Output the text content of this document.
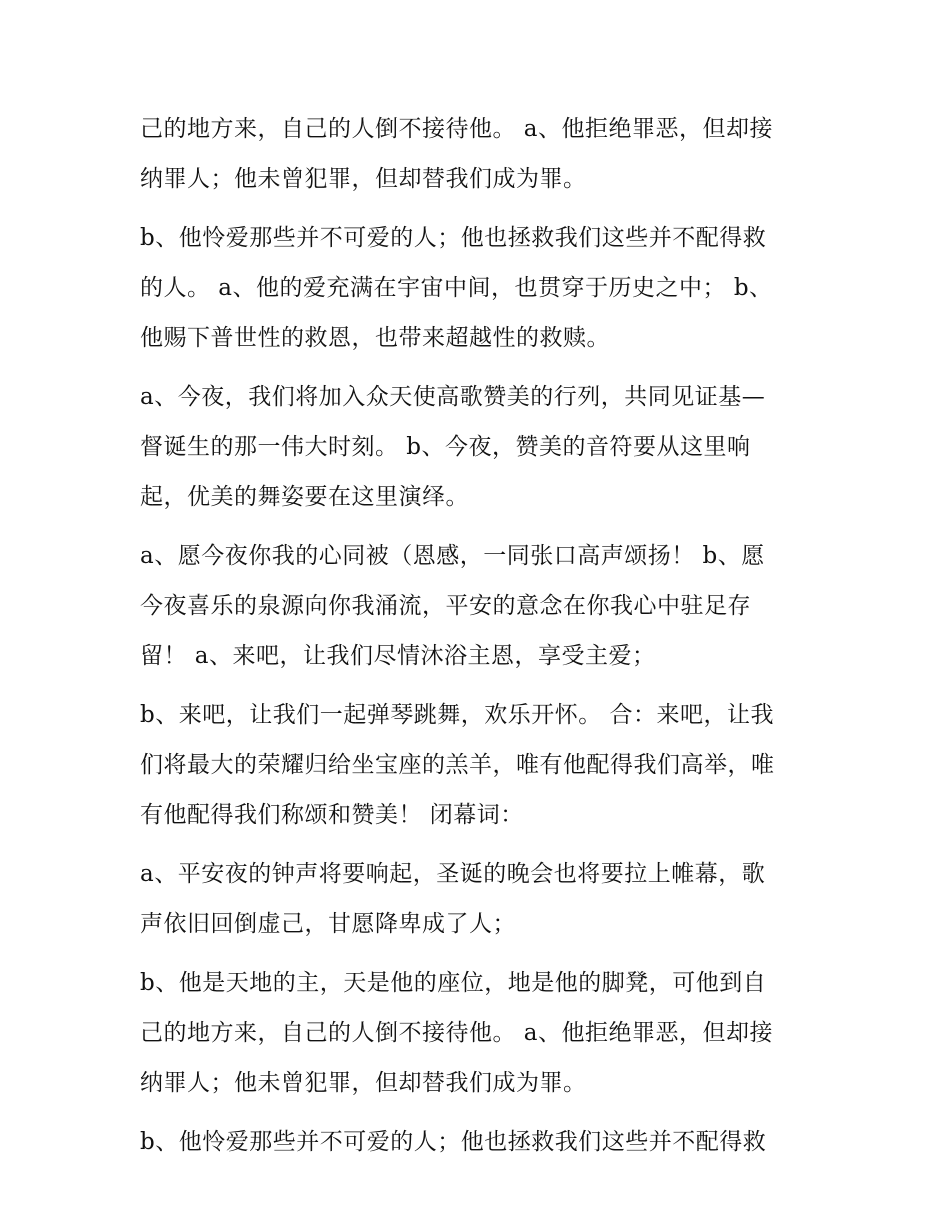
己的地方来，自己的人倒不接待他。 a、他拒绝罪恶，但却接
纳罪人；他未曾犯罪，但却替我们成为罪。
b、他怜爱那些并不可爱的人；他也拯救我们这些并不配得救
的人。 a、他的爱充满在宇宙中间，也贯穿于历史之中； b、
他赐下普世性的救恩，也带来超越性的救赎。
a、今夜，我们将加入众天使高歌赞美的行列，共同见证基—
督诞生的那一伟大时刻。 b、今夜，赞美的音符要从这里响
起，优美的舞姿要在这里演绎。
a、愿今夜你我的心同被（恩感，一同张口高声颂扬！ b、愿
今夜喜乐的泉源向你我涌流，平安的意念在你我心中驻足存
留！ a、来吧，让我们尽情沐浴主恩，享受主爱；
b、来吧，让我们一起弹琴跳舞，欢乐开怀。 合：来吧，让我
们将最大的荣耀归给坐宝座的羔羊，唯有他配得我们高举，唯
有他配得我们称颂和赞美！ 闭幕词：
a、平安夜的钟声将要响起，圣诞的晚会也将要拉上帷幕，歌
声依旧回倒虚己，甘愿降卑成了人；
b、他是天地的主，天是他的座位，地是他的脚凳，可他到自
己的地方来，自己的人倒不接待他。 a、他拒绝罪恶，但却接
纳罪人；他未曾犯罪，但却替我们成为罪。
b、他怜爱那些并不可爱的人；他也拯救我们这些并不配得救
